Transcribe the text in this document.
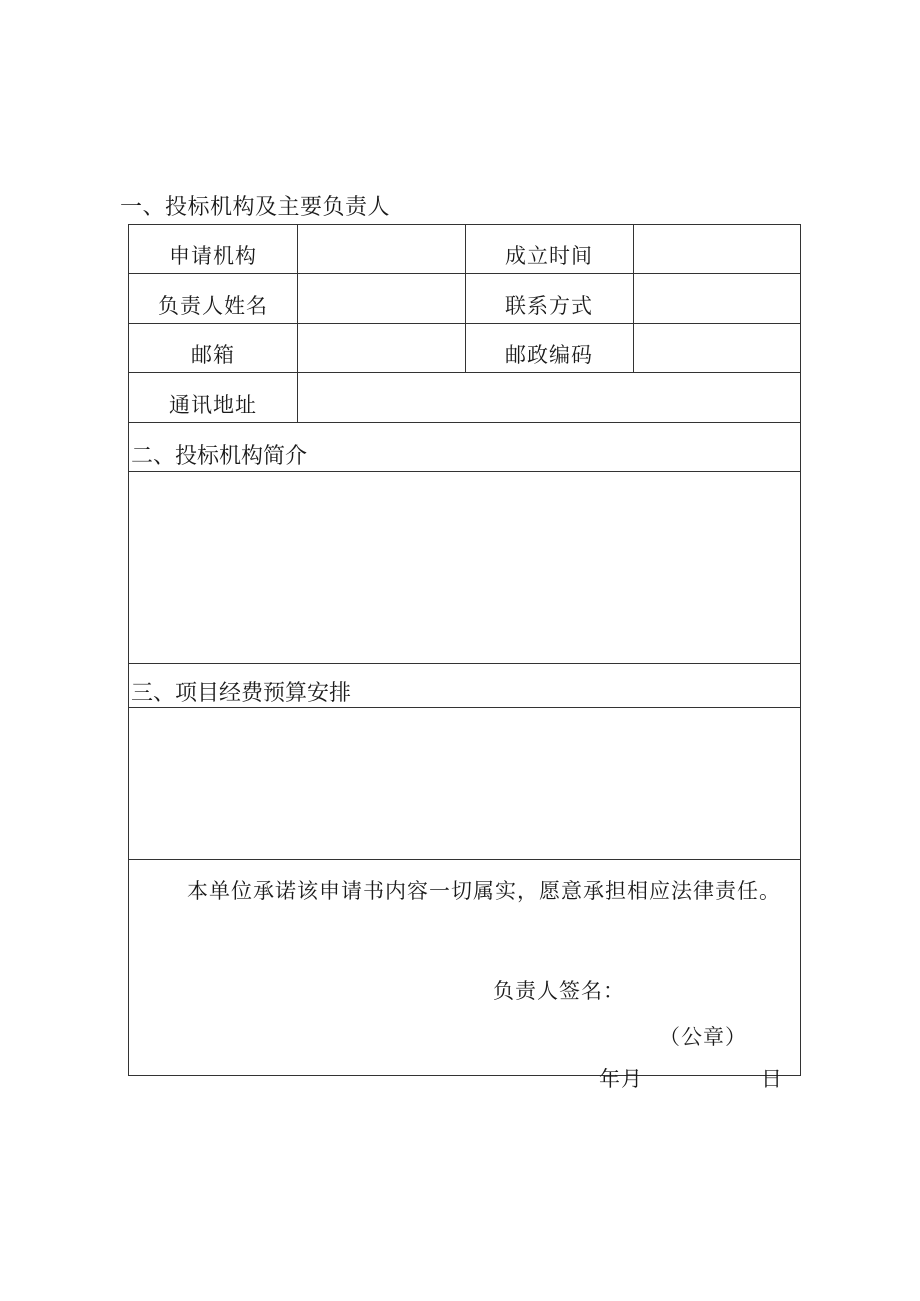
一、投标机构及主要负责人
申请机构	成立时间
负责人姓名	联系方式
邮箱	邮政编码
通讯地址
二、投标机构简介
三、项目经费预算安排
本单位承诺该申请书内容一切属实，愿意承担相应法律责任。
负责人签名：
（公章）
年月	日
